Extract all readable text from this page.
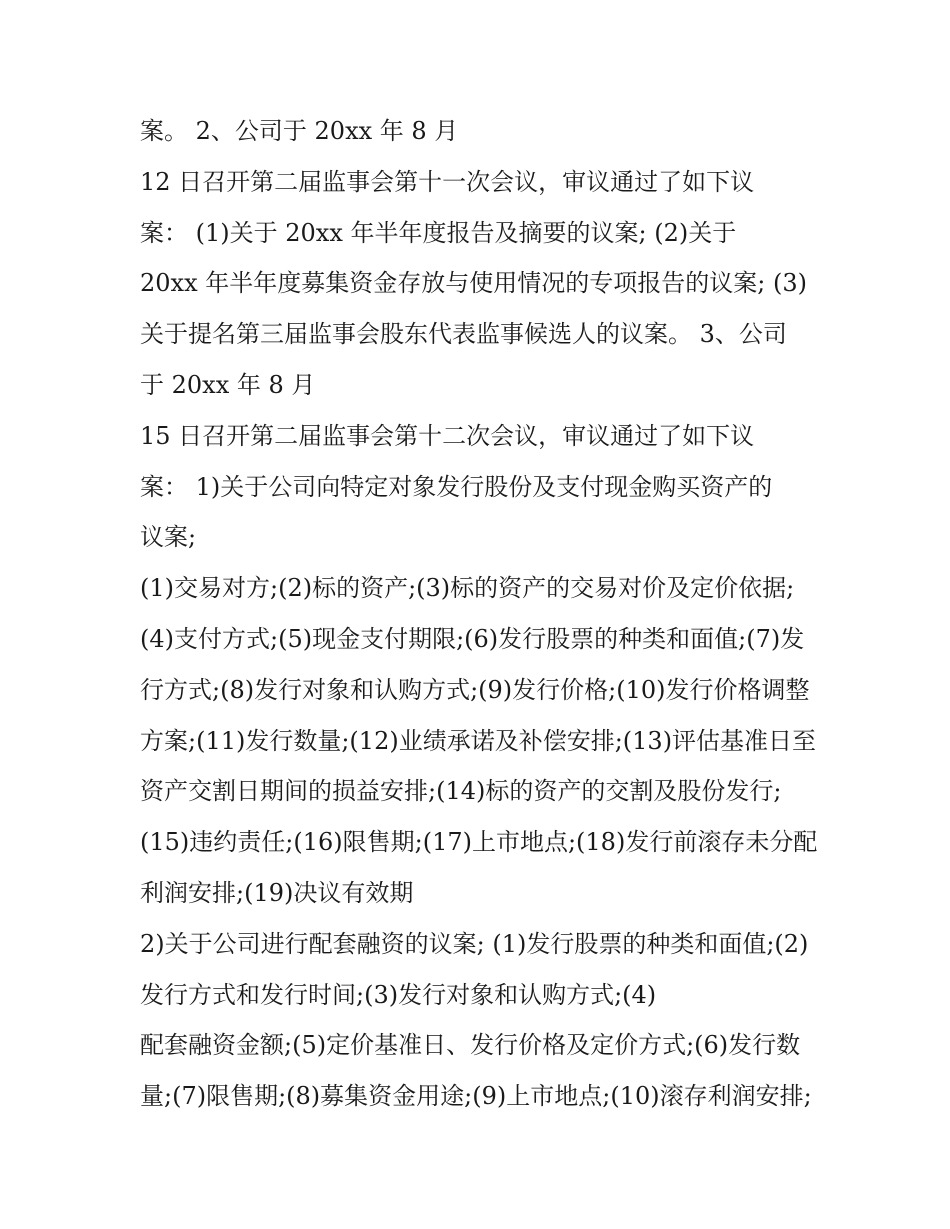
案。 2、公司于 20xx 年 8 月
12 日召开第二届监事会第十一次会议，审议通过了如下议
案： (1)关于 20xx 年半年度报告及摘要的议案; (2)关于
20xx 年半年度募集资金存放与使用情况的专项报告的议案; (3)
关于提名第三届监事会股东代表监事候选人的议案。 3、公司
于 20xx 年 8 月
15 日召开第二届监事会第十二次会议，审议通过了如下议
案： 1)关于公司向特定对象发行股份及支付现金购买资产的
议案;
(1)交易对方;(2)标的资产;(3)标的资产的交易对价及定价依据;
(4)支付方式;(5)现金支付期限;(6)发行股票的种类和面值;(7)发
行方式;(8)发行对象和认购方式;(9)发行价格;(10)发行价格调整
方案;(11)发行数量;(12)业绩承诺及补偿安排;(13)评估基准日至
资产交割日期间的损益安排;(14)标的资产的交割及股份发行;
(15)违约责任;(16)限售期;(17)上市地点;(18)发行前滚存未分配
利润安排;(19)决议有效期
2)关于公司进行配套融资的议案; (1)发行股票的种类和面值;(2)
发行方式和发行时间;(3)发行对象和认购方式;(4)
配套融资金额;(5)定价基准日、发行价格及定价方式;(6)发行数
量;(7)限售期;(8)募集资金用途;(9)上市地点;(10)滚存利润安排;
